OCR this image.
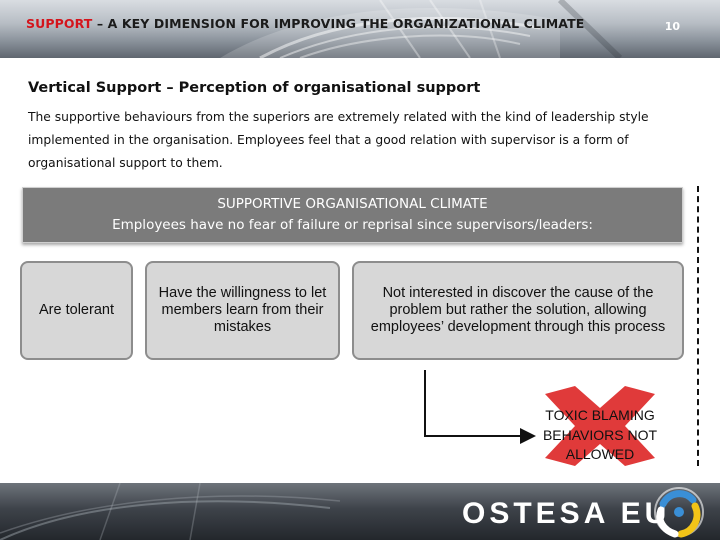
SUPPORT – A KEY DIMENSION FOR IMPROVING THE ORGANIZATIONAL CLIMATE	10
Vertical Support – Perception of organisational support
The supportive behaviours from the superiors are extremely related with the kind of leadership style implemented in the organisation. Employees feel that a good relation with supervisor is a form of organisational support to them.
SUPPORTIVE ORGANISATIONAL CLIMATE
Employees have no fear of failure or reprisal since supervisors/leaders:
Are tolerant
Have the willingness to let members learn from their mistakes
Not interested in discover the cause of the problem but rather the solution, allowing employees’ development through this process
TOXIC BLAMING
BEHAVIORS NOT
ALLOWED
OSTESA EU
